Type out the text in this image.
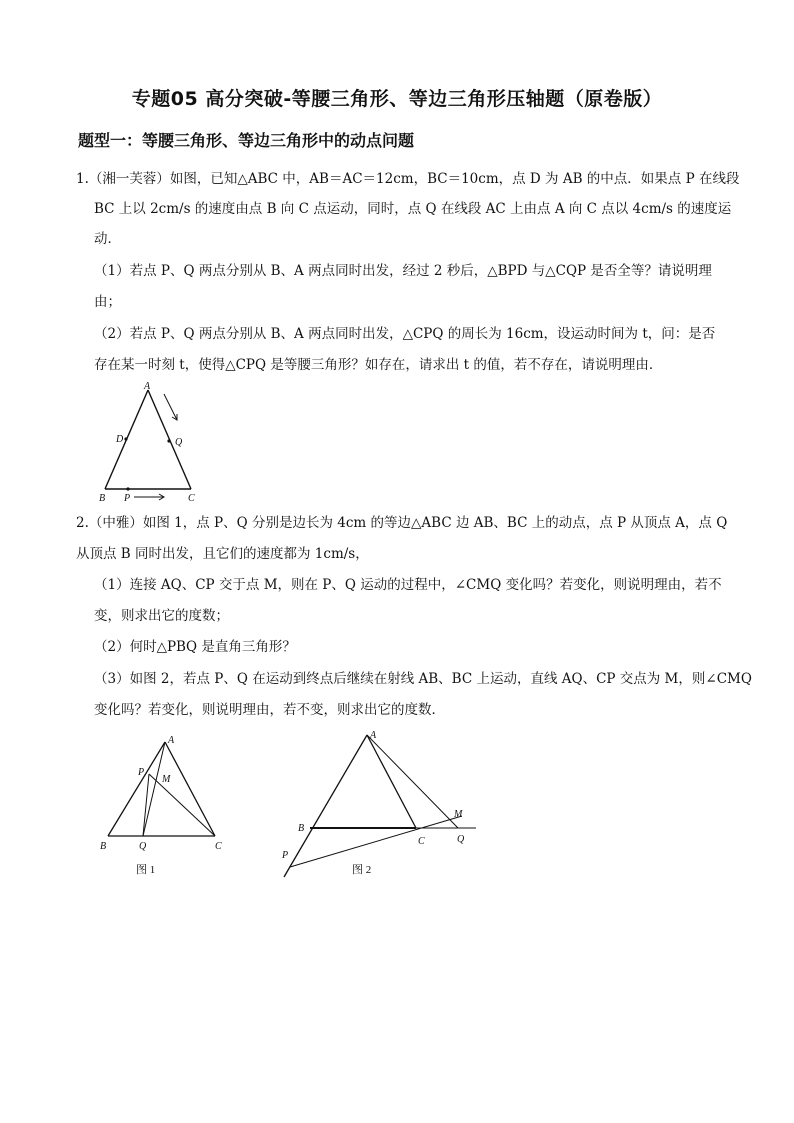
专题05 高分突破-等腰三角形、等边三角形压轴题（原卷版）
题型一：等腰三角形、等边三角形中的动点问题
1.（湘一芙蓉）如图，已知△ABC 中，AB＝AC＝12cm，BC＝10cm，点 D 为 AB 的中点．如果点 P 在线段
BC 上以 2cm/s 的速度由点 B 向 C 点运动，同时，点 Q 在线段 AC 上由点 A 向 C 点以 4cm/s 的速度运
动．
（1）若点 P、Q 两点分别从 B、A 两点同时出发，经过 2 秒后，△BPD 与△CQP 是否全等？请说明理
由；
（2）若点 P、Q 两点分别从 B、A 两点同时出发，△CPQ 的周长为 16cm，设运动时间为 t，问：是否
存在某一时刻 t，使得△CPQ 是等腰三角形？如存在，请求出 t 的值，若不存在，请说明理由．
A
D	Q
B P	C
2.（中雅）如图 1，点 P、Q 分别是边长为 4cm 的等边△ABC 边 AB、BC 上的动点，点 P 从顶点 A，点 Q
从顶点 B 同时出发，且它们的速度都为 1cm/s，
（1）连接 AQ、CP 交于点 M，则在 P、Q 运动的过程中，∠CMQ 变化吗？若变化，则说明理由，若不
变，则求出它的度数；
（2）何时△PBQ 是直角三角形？
（3）如图 2，若点 P、Q 在运动到终点后继续在射线 AB、BC 上运动，直线 AQ、CP 交点为 M，则∠CMQ
变化吗？若变化，则说明理由，若不变，则求出它的度数．
A
P
M
B	Q	C
图 1
A
B
C
M
Q
P
图 2
